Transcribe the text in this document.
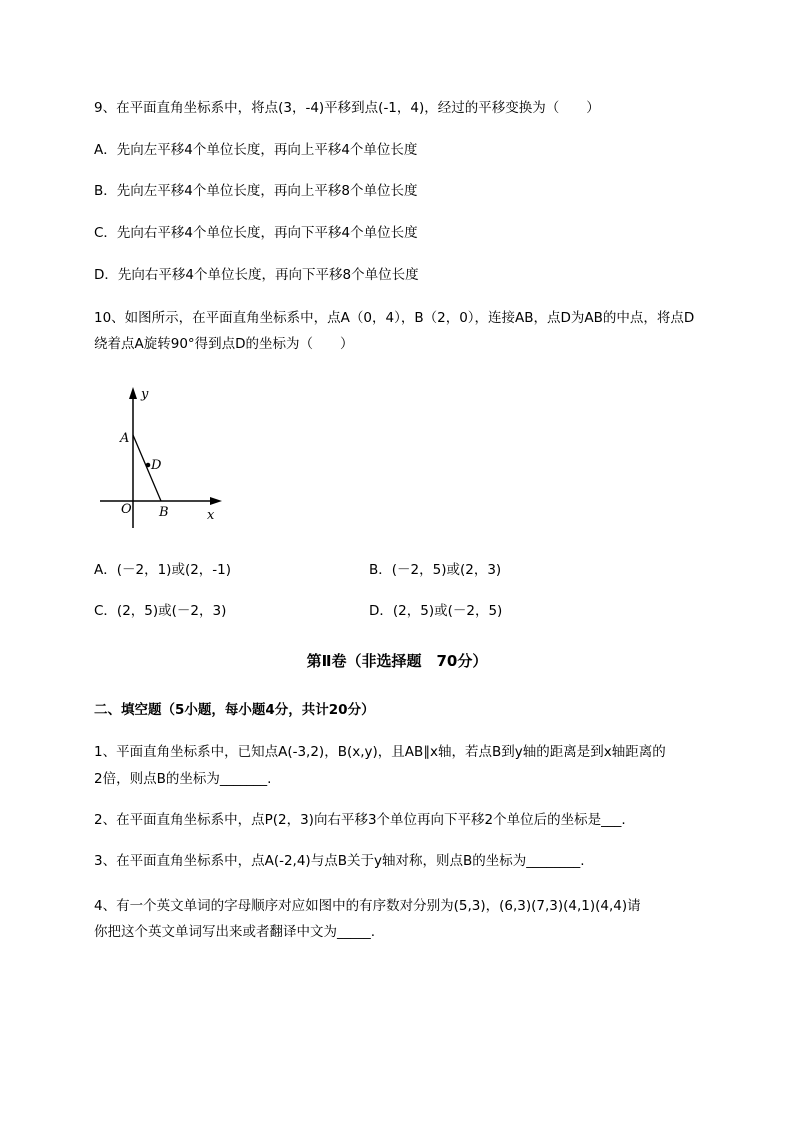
9、在平面直角坐标系中，将点(3，-4)平移到点(-1，4)，经过的平移变换为（　　）
A．先向左平移4个单位长度，再向上平移4个单位长度
B．先向左平移4个单位长度，再向上平移8个单位长度
C．先向右平移4个单位长度，再向下平移4个单位长度
D．先向右平移4个单位长度，再向下平移8个单位长度
10、如图所示，在平面直角坐标系中，点A（0，4），B（2，0），连接AB，点D为AB的中点，将点D
绕着点A旋转90°得到点D的坐标为（　　）
y
A
D
O B	x
A．(－2，1)或(2，-1)	B．(－2，5)或(2，3)
C．(2，5)或(－2，3)	D．(2，5)或(－2，5)
第Ⅱ卷（非选择题　70分）
二、填空题（5小题，每小题4分，共计20分）
1、平面直角坐标系中，已知点A(-3,2)，B(x,y)，且AB∥x轴，若点B到y轴的距离是到x轴距离的
2倍，则点B的坐标为_______.
2、在平面直角坐标系中，点P(2，3)向右平移3个单位再向下平移2个单位后的坐标是___.
3、在平面直角坐标系中，点A(-2,4)与点B关于y轴对称，则点B的坐标为________.
4、有一个英文单词的字母顺序对应如图中的有序数对分别为(5,3)，(6,3)(7,3)(4,1)(4,4)请
你把这个英文单词写出来或者翻译中文为_____.
